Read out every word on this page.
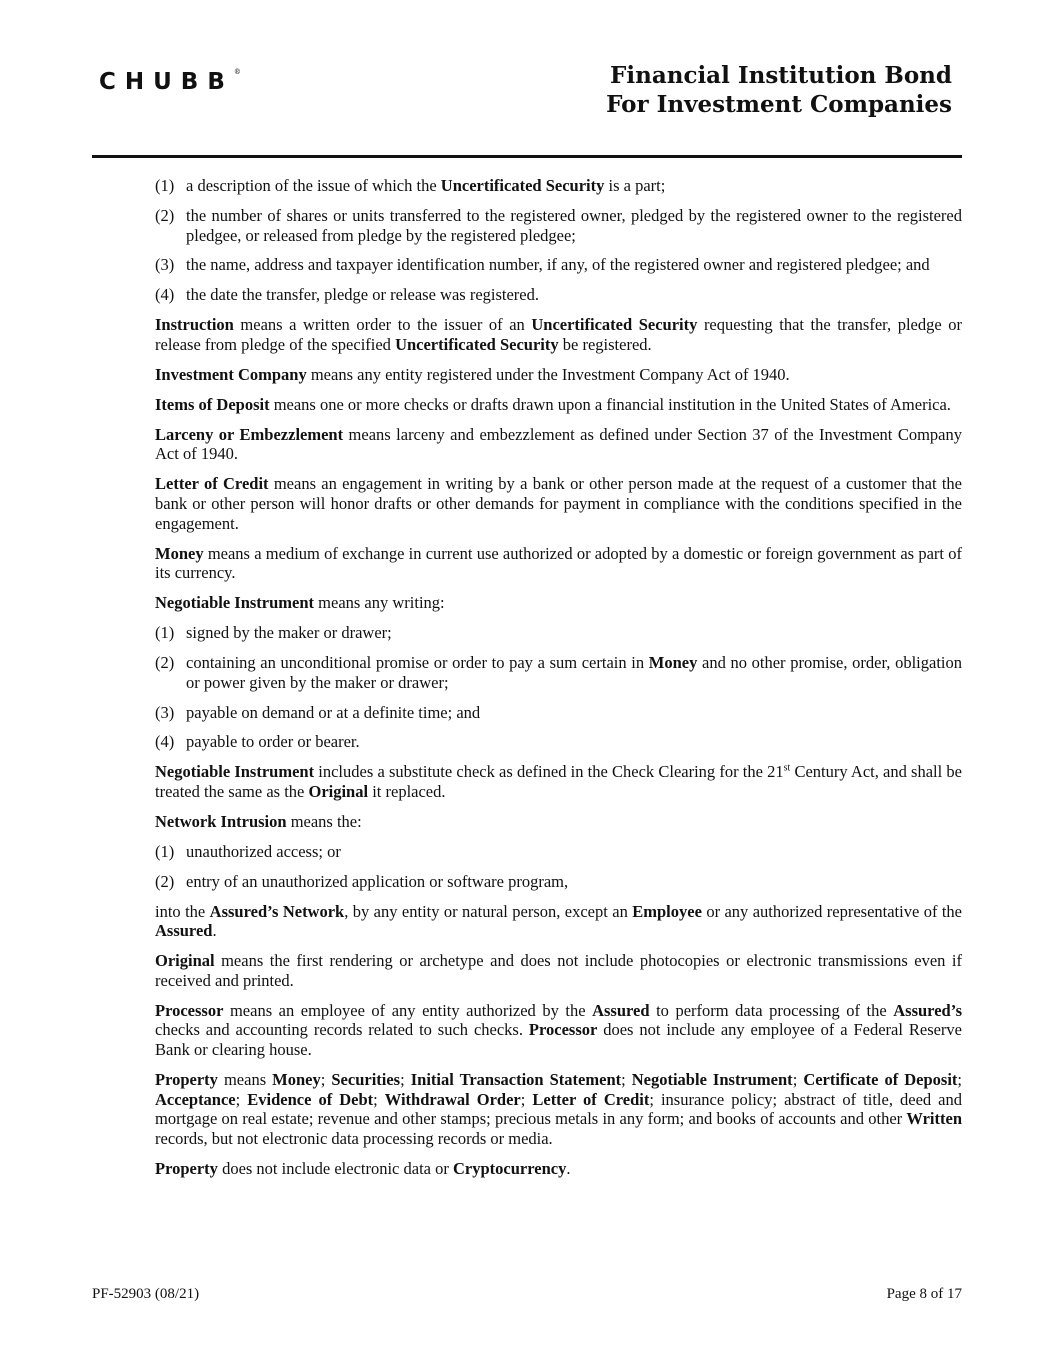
CHUBB®	Financial Institution Bond
For Investment Companies
(1) a description of the issue of which the Uncertificated Security is a part;
(2) the number of shares or units transferred to the registered owner, pledged by the registered owner to the registered pledgee, or released from pledge by the registered pledgee;
(3) the name, address and taxpayer identification number, if any, of the registered owner and registered pledgee; and
(4) the date the transfer, pledge or release was registered.

Instruction means a written order to the issuer of an Uncertificated Security requesting that the transfer, pledge or release from pledge of the specified Uncertificated Security be registered.

Investment Company means any entity registered under the Investment Company Act of 1940.

Items of Deposit means one or more checks or drafts drawn upon a financial institution in the United States of America.

Larceny or Embezzlement means larceny and embezzlement as defined under Section 37 of the Investment Company Act of 1940.

Letter of Credit means an engagement in writing by a bank or other person made at the request of a customer that the bank or other person will honor drafts or other demands for payment in compliance with the conditions specified in the engagement.

Money means a medium of exchange in current use authorized or adopted by a domestic or foreign government as part of its currency.

Negotiable Instrument means any writing:

(1) signed by the maker or drawer;
(2) containing an unconditional promise or order to pay a sum certain in Money and no other promise, order, obligation or power given by the maker or drawer;
(3) payable on demand or at a definite time; and
(4) payable to order or bearer.

Negotiable Instrument includes a substitute check as defined in the Check Clearing for the 21st Century Act, and shall be treated the same as the Original it replaced.

Network Intrusion means the:

(1) unauthorized access; or
(2) entry of an unauthorized application or software program,

into the Assured’s Network, by any entity or natural person, except an Employee or any authorized representative of the Assured.

Original means the first rendering or archetype and does not include photocopies or electronic transmissions even if received and printed.

Processor means an employee of any entity authorized by the Assured to perform data processing of the Assured’s checks and accounting records related to such checks. Processor does not include any employee of a Federal Reserve Bank or clearing house.

Property means Money; Securities; Initial Transaction Statement; Negotiable Instrument; Certificate of Deposit; Acceptance; Evidence of Debt; Withdrawal Order; Letter of Credit; insurance policy; abstract of title, deed and mortgage on real estate; revenue and other stamps; precious metals in any form; and books of accounts and other Written records, but not electronic data processing records or media.

Property does not include electronic data or Cryptocurrency.

PF-52903 (08/21)	Page 8 of 17
